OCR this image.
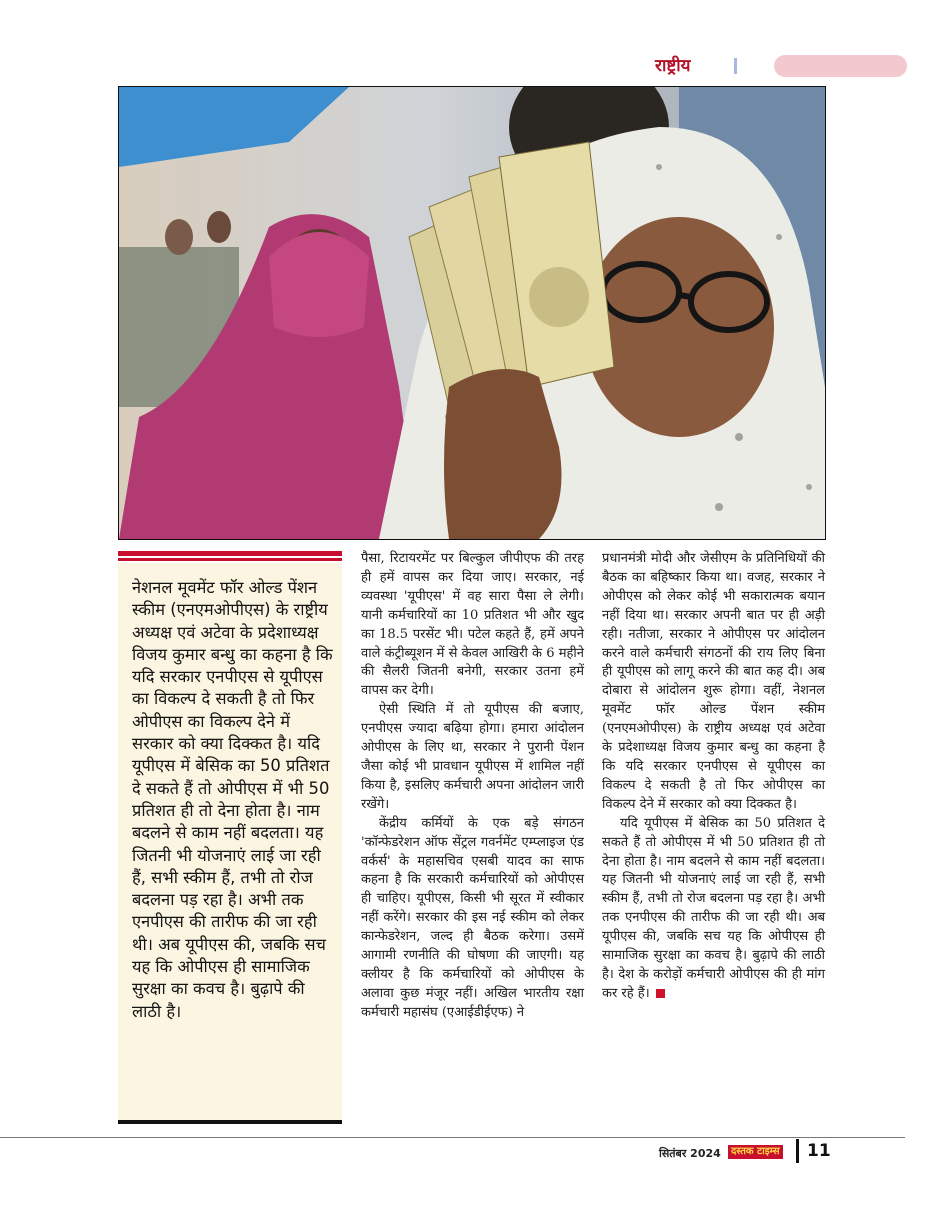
राष्ट्रीय

नेशनल मूवमेंट फॉर ओल्ड पेंशन स्कीम (एनएमओपीएस) के राष्ट्रीय अध्यक्ष एवं अटेवा के प्रदेशाध्यक्ष विजय कुमार बन्धु का कहना है कि यदि सरकार एनपीएस से यूपीएस का विकल्प दे सकती है तो फिर ओपीएस का विकल्प देने में सरकार को क्या दिक्कत है। यदि यूपीएस में बेसिक का 50 प्रतिशत दे सकते हैं तो ओपीएस में भी 50 प्रतिशत ही तो देना होता है। नाम बदलने से काम नहीं बदलता। यह जितनी भी योजनाएं लाई जा रही हैं, सभी स्कीम हैं, तभी तो रोज बदलना पड़ रहा है। अभी तक एनपीएस की तारीफ की जा रही थी। अब यूपीएस की, जबकि सच यह कि ओपीएस ही सामाजिक सुरक्षा का कवच है। बुढ़ापे की लाठी है।

पैसा, रिटायरमेंट पर बिल्कुल जीपीएफ की तरह ही हमें वापस कर दिया जाए। सरकार, नई व्यवस्था 'यूपीएस' में वह सारा पैसा ले लेगी। यानी कर्मचारियों का 10 प्रतिशत भी और खुद का 18.5 परसेंट भी। पटेल कहते हैं, हमें अपने वाले कंट्रीब्यूशन में से केवल आखिरी के 6 महीने की सैलरी जितनी बनेगी, सरकार उतना हमें वापस कर देगी।

ऐसी स्थिति में तो यूपीएस की बजाए, एनपीएस ज्यादा बढ़िया होगा। हमारा आंदोलन ओपीएस के लिए था, सरकार ने पुरानी पेंशन जैसा कोई भी प्रावधान यूपीएस में शामिल नहीं किया है, इसलिए कर्मचारी अपना आंदोलन जारी रखेंगे।

केंद्रीय कर्मियों के एक बड़े संगठन 'कॉन्फेडरेशन ऑफ सेंट्रल गवर्नमेंट एम्प्लाइज एंड वर्कर्स' के महासचिव एसबी यादव का साफ कहना है कि सरकारी कर्मचारियों को ओपीएस ही चाहिए। यूपीएस, किसी भी सूरत में स्वीकार नहीं करेंगे। सरकार की इस नई स्कीम को लेकर कान्फेडरेशन, जल्द ही बैठक करेगा। उसमें आगामी रणनीति की घोषणा की जाएगी। यह क्लीयर है कि कर्मचारियों को ओपीएस के अलावा कुछ मंजूर नहीं। अखिल भारतीय रक्षा कर्मचारी महासंघ (एआईडीईएफ) ने

प्रधानमंत्री मोदी और जेसीएम के प्रतिनिधियों की बैठक का बहिष्कार किया था। वजह, सरकार ने ओपीएस को लेकर कोई भी सकारात्मक बयान नहीं दिया था। सरकार अपनी बात पर ही अड़ी रही। नतीजा, सरकार ने ओपीएस पर आंदोलन करने वाले कर्मचारी संगठनों की राय लिए बिना ही यूपीएस को लागू करने की बात कह दी। अब दोबारा से आंदोलन शुरू होगा। वहीं, नेशनल मूवमेंट फॉर ओल्ड पेंशन स्कीम (एनएमओपीएस) के राष्ट्रीय अध्यक्ष एवं अटेवा के प्रदेशाध्यक्ष विजय कुमार बन्धु का कहना है कि यदि सरकार एनपीएस से यूपीएस का विकल्प दे सकती है तो फिर ओपीएस का विकल्प देने में सरकार को क्या दिक्कत है।

यदि यूपीएस में बेसिक का 50 प्रतिशत दे सकते हैं तो ओपीएस में भी 50 प्रतिशत ही तो देना होता है। नाम बदलने से काम नहीं बदलता। यह जितनी भी योजनाएं लाई जा रही हैं, सभी स्कीम हैं, तभी तो रोज बदलना पड़ रहा है। अभी तक एनपीएस की तारीफ की जा रही थी। अब यूपीएस की, जबकि सच यह कि ओपीएस ही सामाजिक सुरक्षा का कवच है। बुढ़ापे की लाठी है। देश के करोड़ों कर्मचारी ओपीएस की ही मांग कर रहे हैं।

सितंबर 2024	दस्तक टाइम्स 11
